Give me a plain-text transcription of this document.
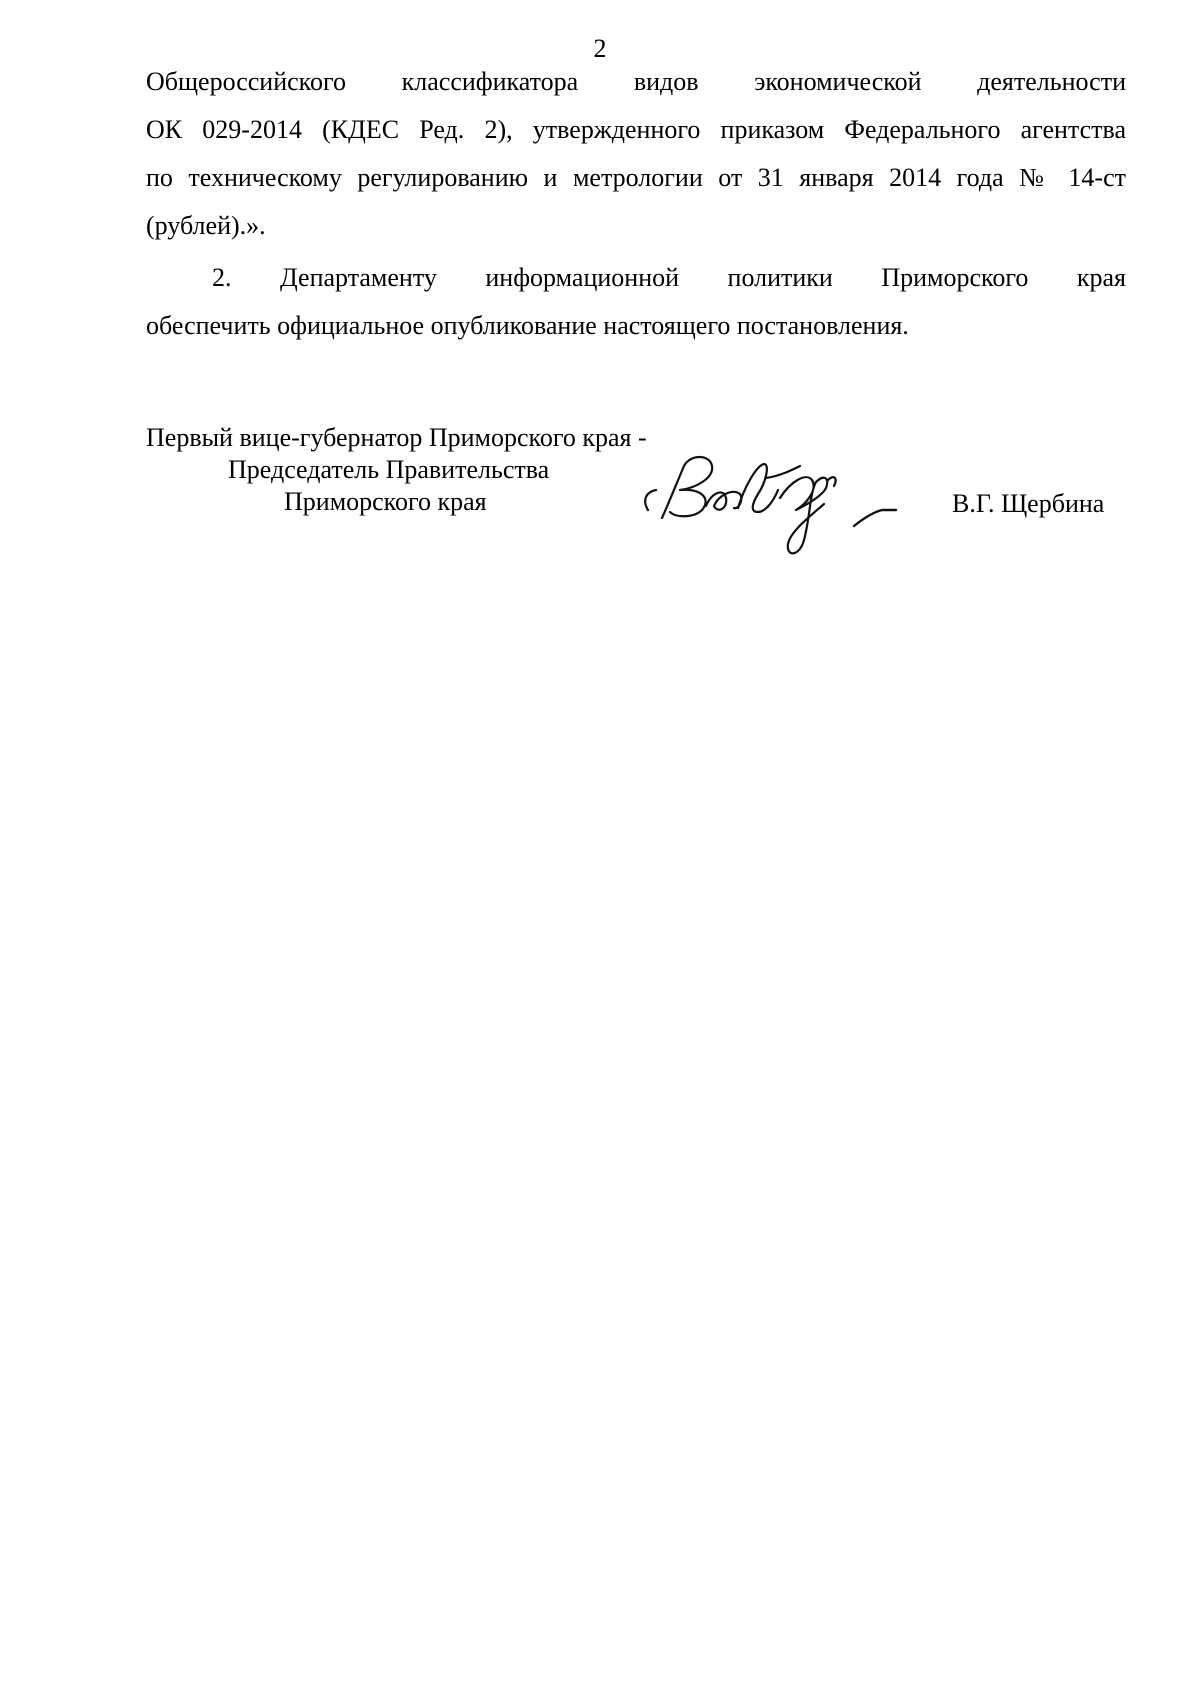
2
Общероссийского классификатора видов экономической деятельности
ОК 029-2014 (КДЕС Ред. 2), утвержденного приказом Федерального агентства
по техническому регулированию и метрологии от 31 января 2014 года № 14-ст
(рублей).».
2. Департаменту информационной политики Приморского края
обеспечить официальное опубликование настоящего постановления.
Первый вице-губернатор Приморского края -
Председатель Правительства
Приморского края	В.Г. Щербина
